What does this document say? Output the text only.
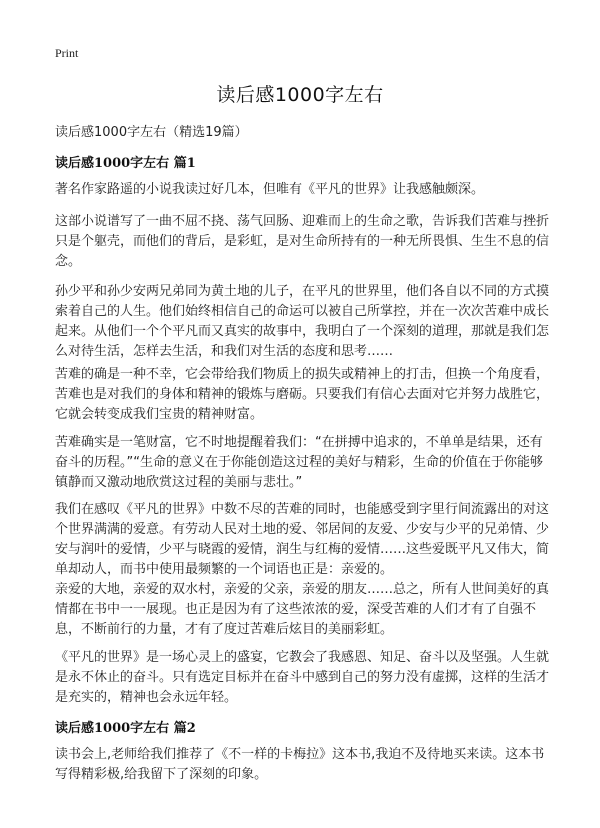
Print
读后感1000字左右
读后感1000字左右（精选19篇）
读后感1000字左右 篇1

著名作家路遥的小说我读过好几本，但唯有《平凡的世界》让我感触颇深。

这部小说谱写了一曲不屈不挠、荡气回肠、迎难而上的生命之歌，告诉我们苦难与挫折只是个躯壳，而他们的背后，是彩虹，是对生命所持有的一种无所畏惧、生生不息的信念。

孙少平和孙少安两兄弟同为黄土地的儿子，在平凡的世界里，他们各自以不同的方式摸索着自己的人生。他们始终相信自己的命运可以被自己所掌控，并在一次次苦难中成长起来。从他们一个个平凡而又真实的故事中，我明白了一个深刻的道理，那就是我们怎么对待生活，怎样去生活，和我们对生活的态度和思考……

苦难的确是一种不幸，它会带给我们物质上的损失或精神上的打击，但换一个角度看，苦难也是对我们的身体和精神的锻炼与磨砺。只要我们有信心去面对它并努力战胜它，它就会转变成我们宝贵的精神财富。

苦难确实是一笔财富，它不时地提醒着我们：“在拼搏中追求的，不单单是结果，还有奋斗的历程。”“生命的意义在于你能创造这过程的美好与精彩，生命的价值在于你能够镇静而又激动地欣赏这过程的美丽与悲壮。”

我们在感叹《平凡的世界》中数不尽的苦难的同时，也能感受到字里行间流露出的对这个世界满满的爱意。有劳动人民对土地的爱、邻居间的友爱、少安与少平的兄弟情、少安与润叶的爱情，少平与晓霞的爱情，润生与红梅的爱情……这些爱既平凡又伟大，简单却动人，而书中使用最频繁的一个词语也正是：亲爱的。

亲爱的大地，亲爱的双水村，亲爱的父亲，亲爱的朋友……总之，所有人世间美好的真情都在书中一一展现。也正是因为有了这些浓浓的爱，深受苦难的人们才有了自强不息，不断前行的力量，才有了度过苦难后炫目的美丽彩虹。

《平凡的世界》是一场心灵上的盛宴，它教会了我感恩、知足、奋斗以及坚强。人生就是永不休止的奋斗。只有选定目标并在奋斗中感到自己的努力没有虚掷，这样的生活才是充实的，精神也会永远年轻。

读后感1000字左右 篇2

读书会上,老师给我们推荐了《不一样的卡梅拉》这本书,我迫不及待地买来读。这本书写得精彩极,给我留下了深刻的印象。
